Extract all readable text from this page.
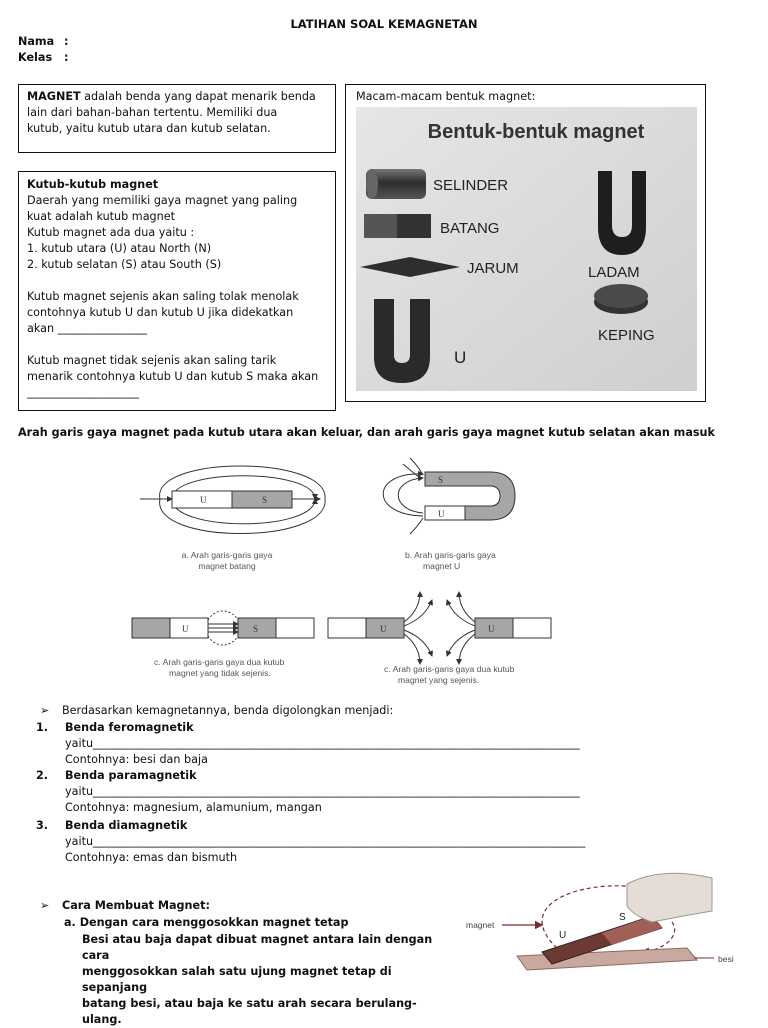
LATIHAN SOAL KEMAGNETAN
Nama :
Kelas :
MAGNET adalah benda yang dapat menarik benda
lain dari bahan-bahan tertentu. Memiliki dua
kutub, yaitu kutub utara dan kutub selatan.
Kutub-kutub magnet
Daerah yang memiliki gaya magnet yang paling
kuat adalah kutub magnet
Kutub magnet ada dua yaitu :
1. kutub utara (U) atau North (N)
2. kutub selatan (S) atau South (S)
Kutub magnet sejenis akan saling tolak menolak
contohnya kutub U dan kutub U jika didekatkan
akan ________________
Kutub magnet tidak sejenis akan saling tarik
menarik contohnya kutub U dan kutub S maka akan
____________________
Macam-macam bentuk magnet:
Bentuk-bentuk magnet
SELINDER
BATANG
JARUM	LADAM
KEPING
U
Arah garis gaya magnet pada kutub utara akan keluar, dan arah garis gaya magnet kutub selatan akan masuk
U	S
S
U
U	S	U	U
a. Arah garis-garis gaya
magnet batang
b. Arah garis-garis gaya
magnet U
c. Arah garis-garis gaya dua kutub
magnet yang tidak sejenis.	c. Arah garis-garis gaya dua kutub
magnet yang sejenis.
➢ Berdasarkan kemagnetannya, benda digolongkan menjadi:
1. Benda feromagnetik
yaitu_______________________________________________________________________________________
Contohnya: besi dan baja
2. Benda paramagnetik
yaitu_______________________________________________________________________________________
Contohnya: magnesium, alamunium, mangan
3. Benda diamagnetik
yaitu________________________________________________________________________________________
Contohnya: emas dan bismuth
➢ Cara Membuat Magnet:
a. Dengan cara menggosokkan magnet tetap
Besi atau baja dapat dibuat magnet antara lain dengan cara
menggosokkan salah satu ujung magnet tetap di sepanjang
batang besi, atau baja ke satu arah secara berulang-ulang.
S
U
magnet
besi
